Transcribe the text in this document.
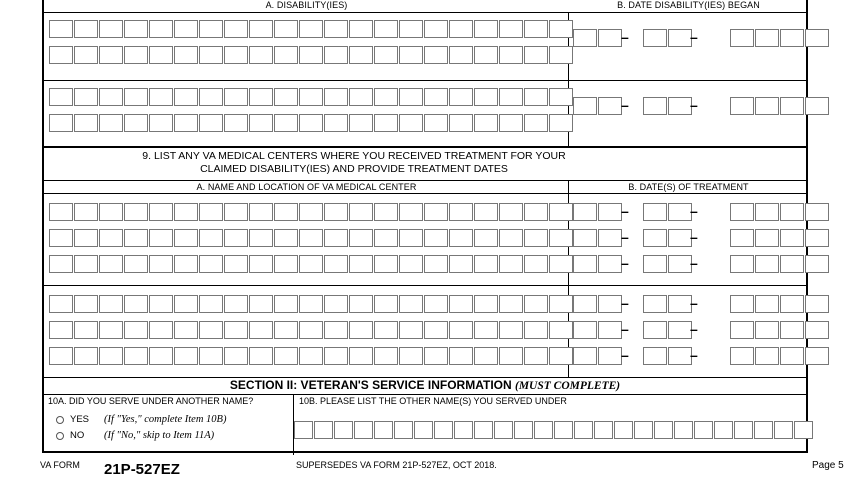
A. DISABILITY(IES)	B. DATE DISABILITY(IES) BEGAN
9. LIST ANY VA MEDICAL CENTERS WHERE YOU RECEIVED TREATMENT FOR YOUR
CLAIMED DISABILITY(IES) AND PROVIDE TREATMENT DATES
A. NAME AND LOCATION OF VA MEDICAL CENTER	B. DATE(S) OF TREATMENT
SECTION II: VETERAN'S SERVICE INFORMATION (MUST COMPLETE)
10A. DID YOU SERVE UNDER ANOTHER NAME?	10B. PLEASE LIST THE OTHER NAME(S) YOU SERVED UNDER
YES	(If "Yes," complete Item 10B)
NO	(If "No," skip to Item 11A)
–	–
–	–
–	–
–	–
–	–
–	–
–	–
–	–
VA FORM 21P-527EZ	SUPERSEDES VA FORM 21P-527EZ, OCT 2018.	Page 5
